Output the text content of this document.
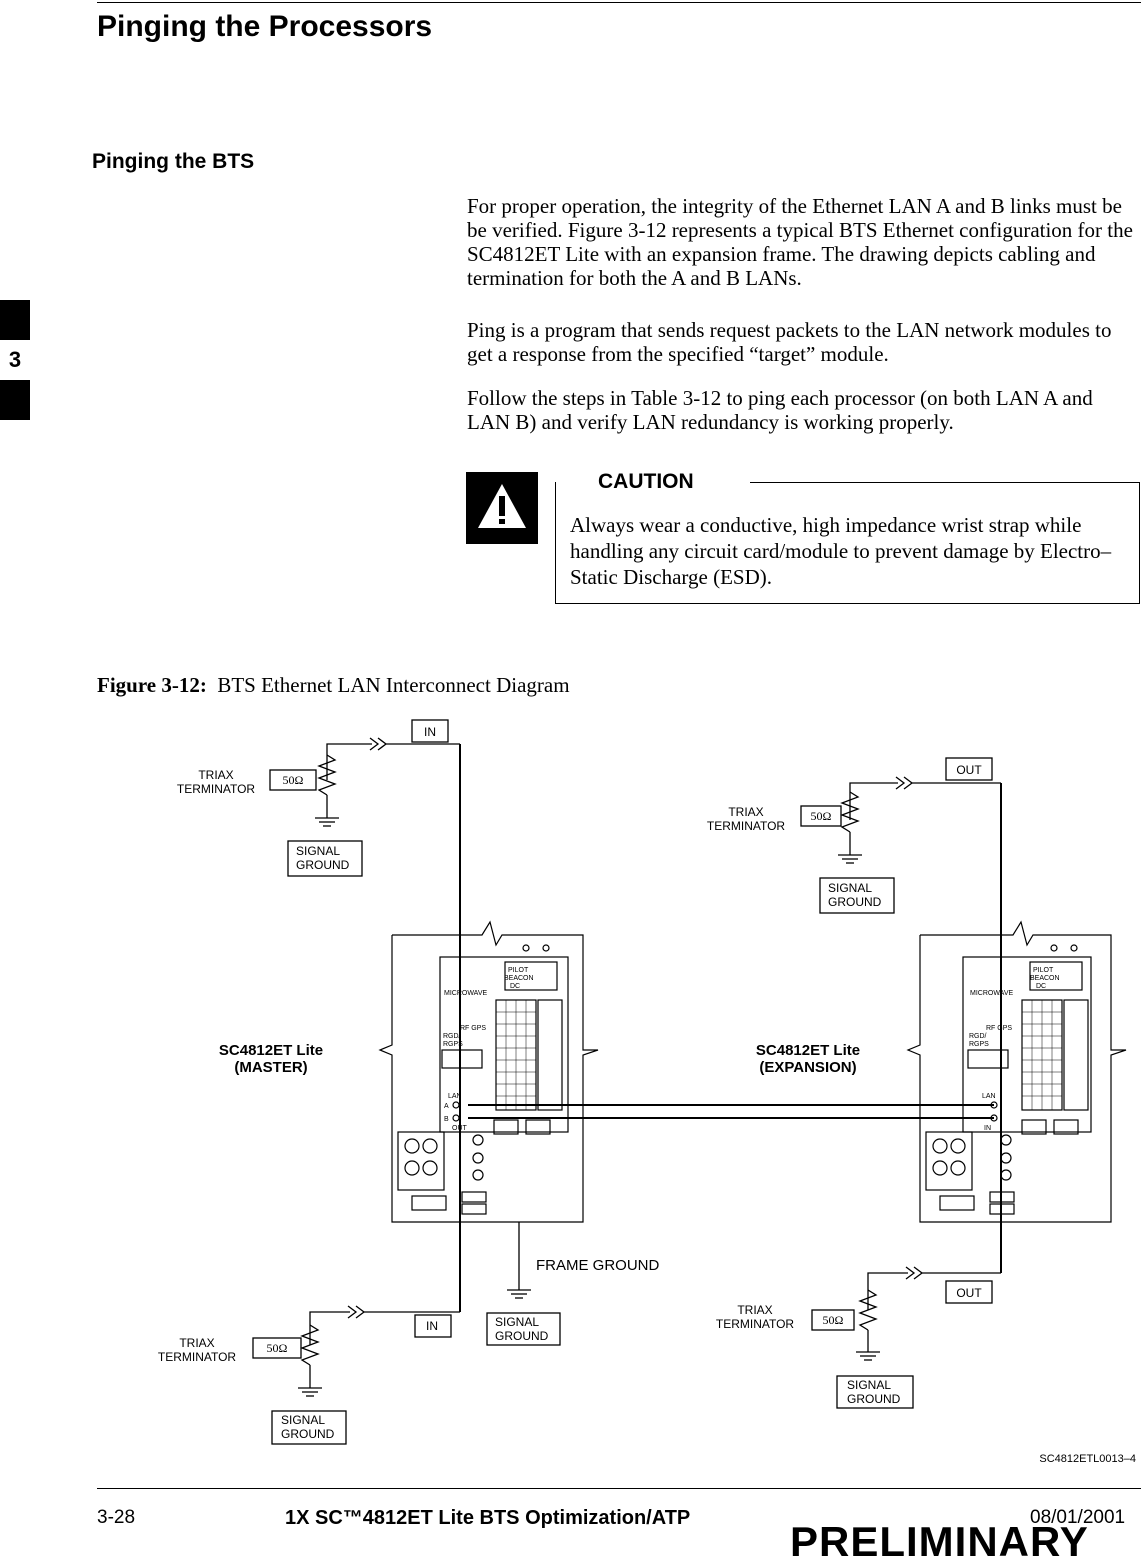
Pinging the Processors
3
Pinging the BTS
For proper operation, the integrity of the Ethernet LAN A and B links must be be verified. Figure 3-12 represents a typical BTS Ethernet configuration for the SC4812ET Lite with an expansion frame. The drawing depicts cabling and termination for both the A and B LANs.
Ping is a program that sends request packets to the LAN network modules to get a response from the specified “target” module.
Follow the steps in Table 3-12 to ping each processor (on both LAN A and LAN B) and verify LAN redundancy is working properly.
CAUTION
Always wear a conductive, high impedance wrist strap while handling any circuit card/module to prevent damage by Electro–Static Discharge (ESD).
Figure 3-12: BTS Ethernet LAN Interconnect Diagram
TRIAX
TERMINATOR
50Ω
SIGNAL
GROUND
IN
TRIAX
TERMINATOR
50Ω
SIGNAL
GROUND
OUT
PILOT
BEACON
DC
MICROWAVE
RF GPS
RGD/
RGPS
LAN
A
B
OUT
SC4812ET Lite
(MASTER)
PILOT
BEACON
DC
MICROWAVE
RF GPS
RGD/
RGPS
LAN
IN
SC4812ET Lite
(EXPANSION)
FRAME GROUND
SIGNAL
GROUND
TRIAX
TERMINATOR
50Ω
SIGNAL
GROUND
IN
TRIAX
TERMINATOR 50Ω
SIGNAL
GROUND
OUT
SC4812ETL0013–4
3-28	1X SC™4812ET Lite BTS Optimization/ATP	08/01/2001
PRELIMINARY
